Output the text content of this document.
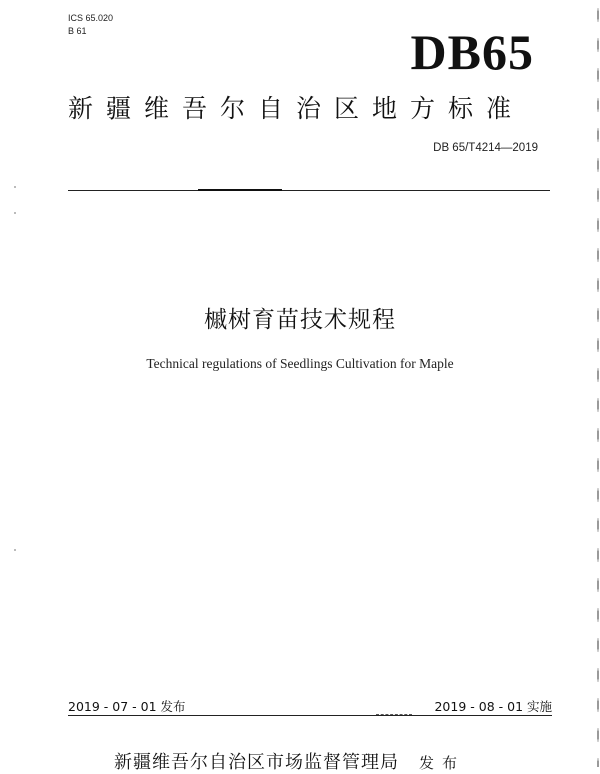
ICS 65.020
B 61	DB65
新疆维吾尔自治区地方标准
DB 65/T4214—2019
槭树育苗技术规程
Technical regulations of Seedlings Cultivation for Maple
2019 - 07 - 01 发布	2019 - 08 - 01 实施
新疆维吾尔自治区市场监督管理局 发布
